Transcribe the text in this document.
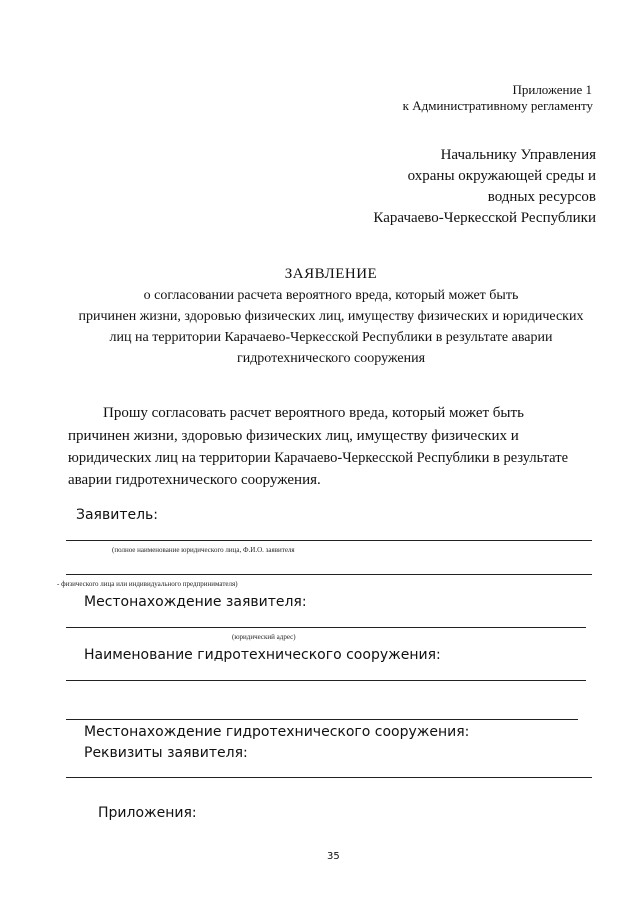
Приложение 1
к Административному регламенту
Начальнику Управления
охраны окружающей среды и
водных ресурсов
Карачаево-Черкесской Республики
ЗАЯВЛЕНИЕ
о согласовании расчета вероятного вреда, который может быть
причинен жизни, здоровью физических лиц, имуществу физических и юридических
лиц на территории Карачаево-Черкесской Республики в результате аварии
гидротехнического сооружения
Прошу согласовать расчет вероятного вреда, который может быть
причинен жизни, здоровью физических лиц, имуществу физических и
юридических лиц на территории Карачаево-Черкесской Республики в результате
аварии гидротехнического сооружения.
Заявитель:
(полное наименование юридического лица, Ф.И.О. заявителя
- физического лица или индивидуального предпринимателя)
Местонахождение заявителя:
(юридический адрес)
Наименование гидротехнического сооружения:
Местонахождение гидротехнического сооружения:
Реквизиты заявителя:
Приложения:
35
